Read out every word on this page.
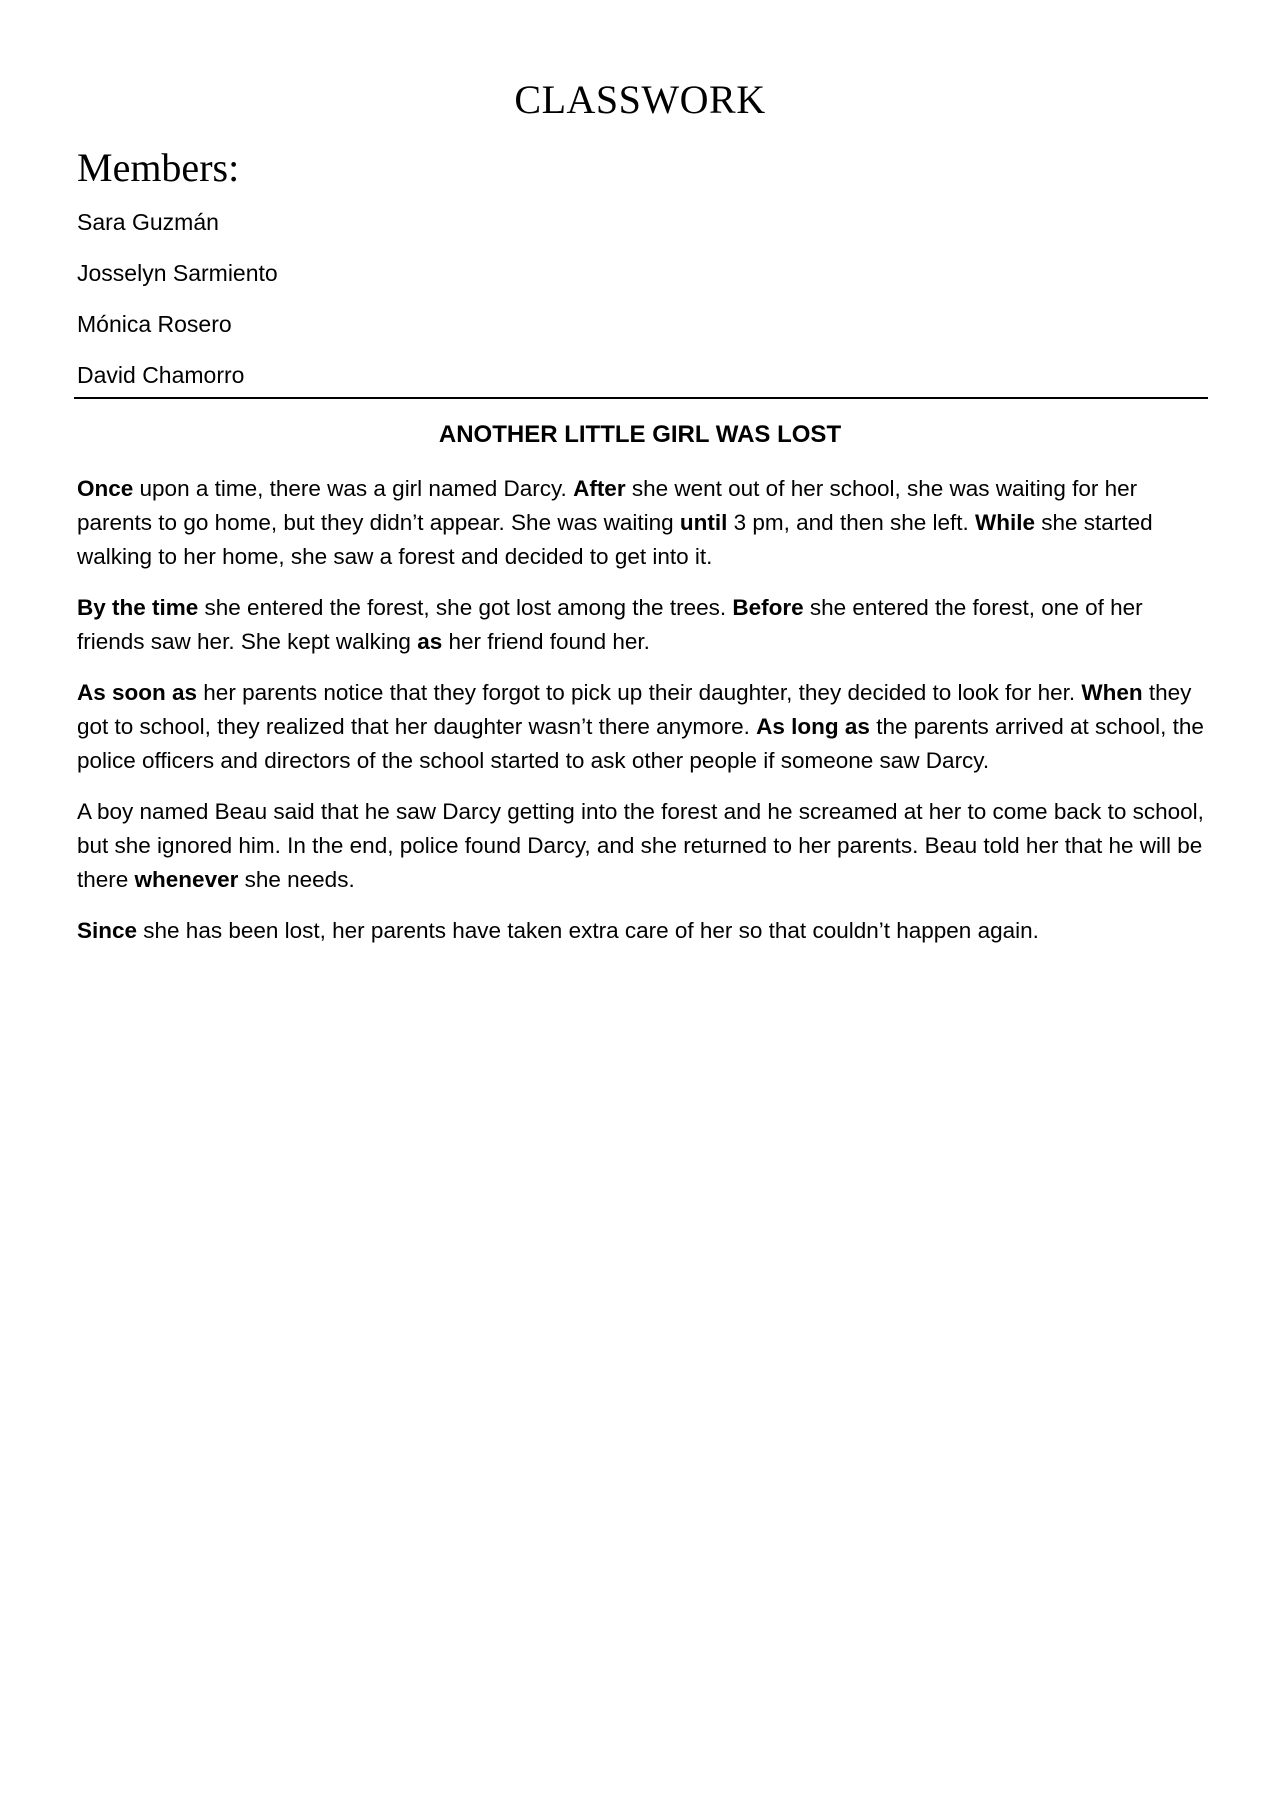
CLASSWORK
Members:
Sara Guzmán
Josselyn Sarmiento
Mónica Rosero
David Chamorro
ANOTHER LITTLE GIRL WAS LOST

Once upon a time, there was a girl named Darcy. After she went out of her school, she was waiting for her parents to go home, but they didn’t appear. She was waiting until 3 pm, and then she left. While she started walking to her home, she saw a forest and decided to get into it.

By the time she entered the forest, she got lost among the trees. Before she entered the forest, one of her friends saw her. She kept walking as her friend found her.

As soon as her parents notice that they forgot to pick up their daughter, they decided to look for her. When they got to school, they realized that her daughter wasn’t there anymore. As long as the parents arrived at school, the police officers and directors of the school started to ask other people if someone saw Darcy.

A boy named Beau said that he saw Darcy getting into the forest and he screamed at her to come back to school, but she ignored him. In the end, police found Darcy, and she returned to her parents. Beau told her that he will be there whenever she needs.

Since she has been lost, her parents have taken extra care of her so that couldn’t happen again.
